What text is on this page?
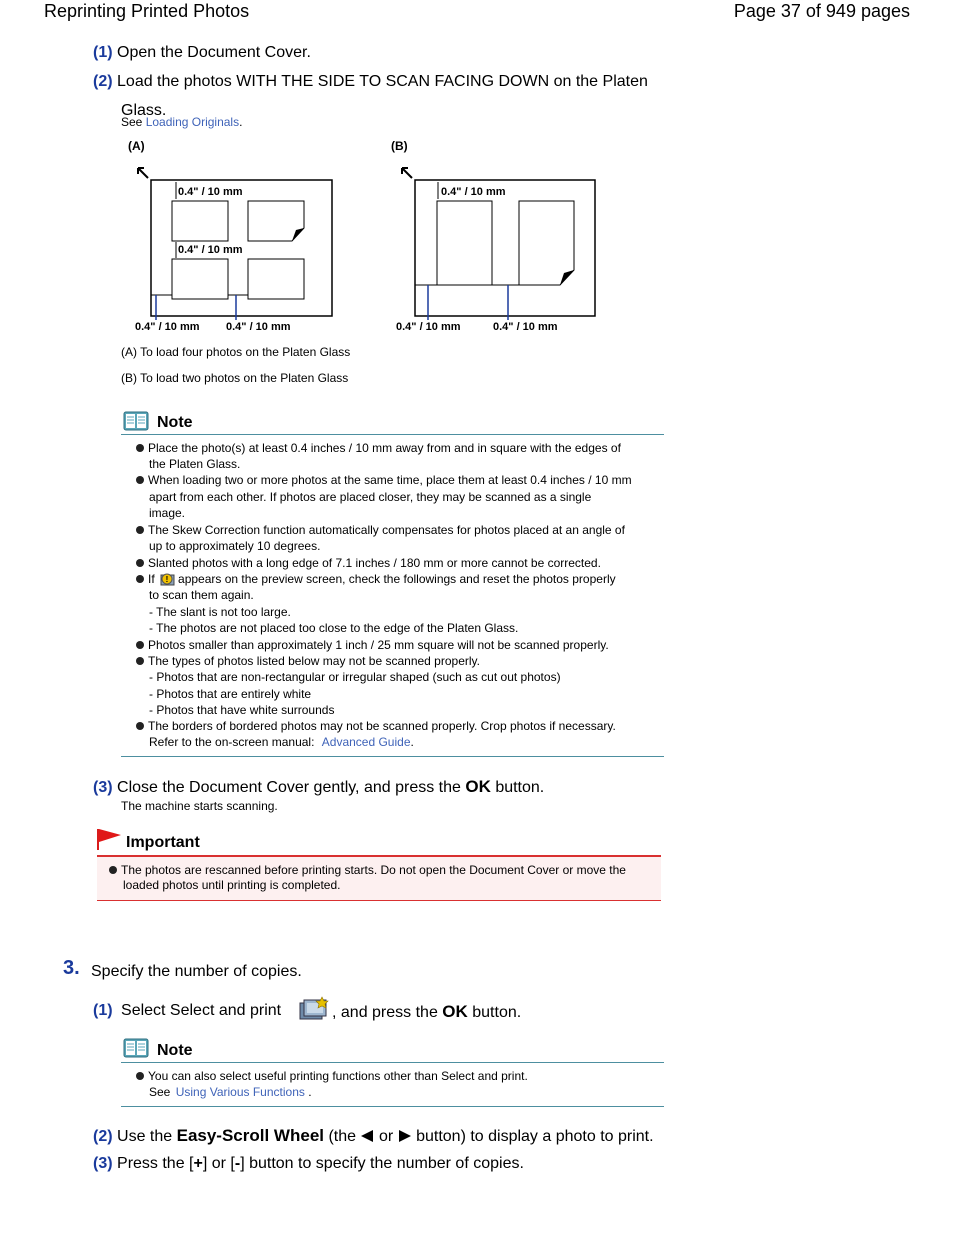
Reprinting Printed Photos	Page 37 of 949 pages
(1) Open the Document Cover.
(2) Load the photos WITH THE SIDE TO SCAN FACING DOWN on the Platen
Glass.
See Loading Originals.
(A)
0.4" / 10 mm
0.4" / 10 mm
0.4" / 10 mm 0.4" / 10 mm
(B)
0.4" / 10 mm
0.4" / 10 mm	0.4" / 10 mm
(A) To load four photos on the Platen Glass
(B) To load two photos on the Platen Glass
Note
Place the photo(s) at least 0.4 inches / 10 mm away from and in square with the edges of
the Platen Glass.
When loading two or more photos at the same time, place them at least 0.4 inches / 10 mm
apart from each other. If photos are placed closer, they may be scanned as a single
image.
The Skew Correction function automatically compensates for photos placed at an angle of
up to approximately 10 degrees.
Slanted photos with a long edge of 7.1 inches / 180 mm or more cannot be corrected.
If ! appears on the preview screen, check the followings and reset the photos properly
to scan them again.
- The slant is not too large.
- The photos are not placed too close to the edge of the Platen Glass.
Photos smaller than approximately 1 inch / 25 mm square will not be scanned properly.
The types of photos listed below may not be scanned properly.
- Photos that are non-rectangular or irregular shaped (such as cut out photos)
- Photos that are entirely white
- Photos that have white surrounds
The borders of bordered photos may not be scanned properly. Crop photos if necessary.
Refer to the on-screen manual: Advanced Guide.
(3) Close the Document Cover gently, and press the OK button.
The machine starts scanning.
Important
The photos are rescanned before printing starts. Do not open the Document Cover or move the
loaded photos until printing is completed.
3. Specify the number of copies.
(1) Select Select and print	, and press the OK button.
Note
You can also select useful printing functions other than Select and print.
See Using Various Functions .
(2) Use the Easy-Scroll Wheel (the or button) to display a photo to print.
(3) Press the [+] or [-] button to specify the number of copies.
